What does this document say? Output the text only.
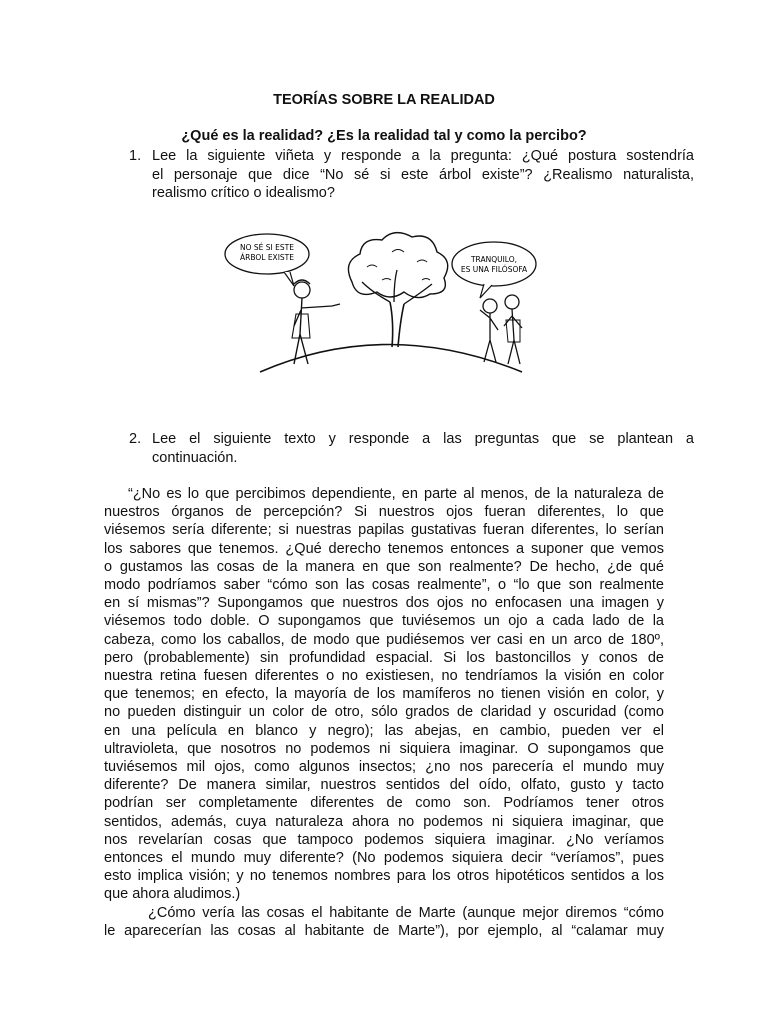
TEORÍAS SOBRE LA REALIDAD
¿Qué es la realidad? ¿Es la realidad tal y como la percibo?
1. Lee la siguiente viñeta y responde a la pregunta: ¿Qué postura sostendría
el personaje que dice “No sé si este árbol existe”? ¿Realismo naturalista,
realismo crítico o idealismo?
NO SÉ SI ESTE
ÁRBOL EXISTE	TRANQUILO,
ES UNA FILÓSOFA
2. Lee el siguiente texto y responde a las preguntas que se plantean a
continuación.
“¿No es lo que percibimos dependiente, en parte al menos, de la naturaleza de
nuestros órganos de percepción? Si nuestros ojos fueran diferentes, lo que
viésemos sería diferente; si nuestras papilas gustativas fueran diferentes, lo serían
los sabores que tenemos. ¿Qué derecho tenemos entonces a suponer que vemos
o gustamos las cosas de la manera en que son realmente? De hecho, ¿de qué
modo podríamos saber “cómo son las cosas realmente”, o “lo que son realmente
en sí mismas”? Supongamos que nuestros dos ojos no enfocasen una imagen y
viésemos todo doble. O supongamos que tuviésemos un ojo a cada lado de la
cabeza, como los caballos, de modo que pudiésemos ver casi en un arco de 180º,
pero (probablemente) sin profundidad espacial. Si los bastoncillos y conos de
nuestra retina fuesen diferentes o no existiesen, no tendríamos la visión en color
que tenemos; en efecto, la mayoría de los mamíferos no tienen visión en color, y
no pueden distinguir un color de otro, sólo grados de claridad y oscuridad (como
en una película en blanco y negro); las abejas, en cambio, pueden ver el
ultravioleta, que nosotros no podemos ni siquiera imaginar. O supongamos que
tuviésemos mil ojos, como algunos insectos; ¿no nos parecería el mundo muy
diferente? De manera similar, nuestros sentidos del oído, olfato, gusto y tacto
podrían ser completamente diferentes de como son. Podríamos tener otros
sentidos, además, cuya naturaleza ahora no podemos ni siquiera imaginar, que
nos revelarían cosas que tampoco podemos siquiera imaginar. ¿No veríamos
entonces el mundo muy diferente? (No podemos siquiera decir “veríamos”, pues
esto implica visión; y no tenemos nombres para los otros hipotéticos sentidos a los
que ahora aludimos.)
¿Cómo vería las cosas el habitante de Marte (aunque mejor diremos “cómo
le aparecerían las cosas al habitante de Marte”), por ejemplo, al “calamar muy
